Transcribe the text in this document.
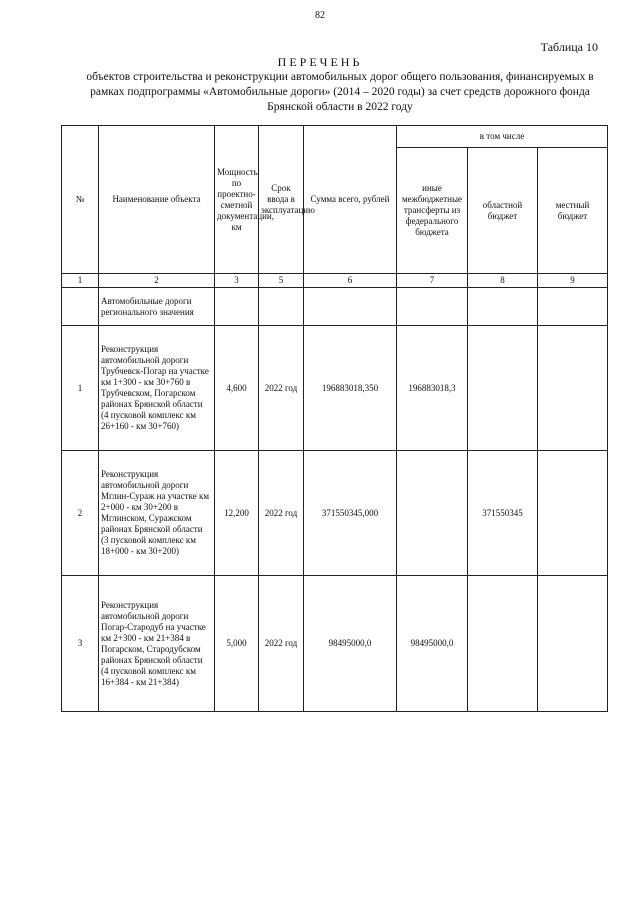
82
Таблица 10
ПЕРЕЧЕНЬ
объектов строительства и реконструкции автомобильных дорог общего пользования, финансируемых в рамках подпрограммы «Автомобильные дороги» (2014 – 2020 годы) за счет средств дорожного фонда Брянской области в 2022 году
№	Наименование объекта	Мощность по проектно-сметной документации, км	Срок ввода в эксплуатацию	Сумма всего, рублей	в том числе		
					иные межбюджетные трансферты из федерального бюджета	областной бюджет	местный бюджет
1	2	3	5	6	7	8	9
	Автомобильные дороги регионального значения						
1	Реконструкция автомобильной дороги Трубчевск-Погар на участке км 1+300 - км 30+760 в Трубчевском, Погарском районах Брянской области (4 пусковой комплекс км 26+160 - км 30+760)	4,600	2022 год	196883018,350	196883018,3		
2	Реконструкция автомобильной дороги Мглин-Сураж на участке км 2+000 - км 30+200 в Мглинском, Суражском районах Брянской области (3 пусковой комплекс км 18+000 - км 30+200)	12,200	2022 год	371550345,000		371550345	
3	Реконструкция автомобильной дороги Погар-Стародуб на участке км 2+300 - км 21+384 в Погарском, Стародубском районах Брянской области (4 пусковой комплекс км 16+384 - км 21+384)	5,000	2022 год	98495000,0	98495000,0		
